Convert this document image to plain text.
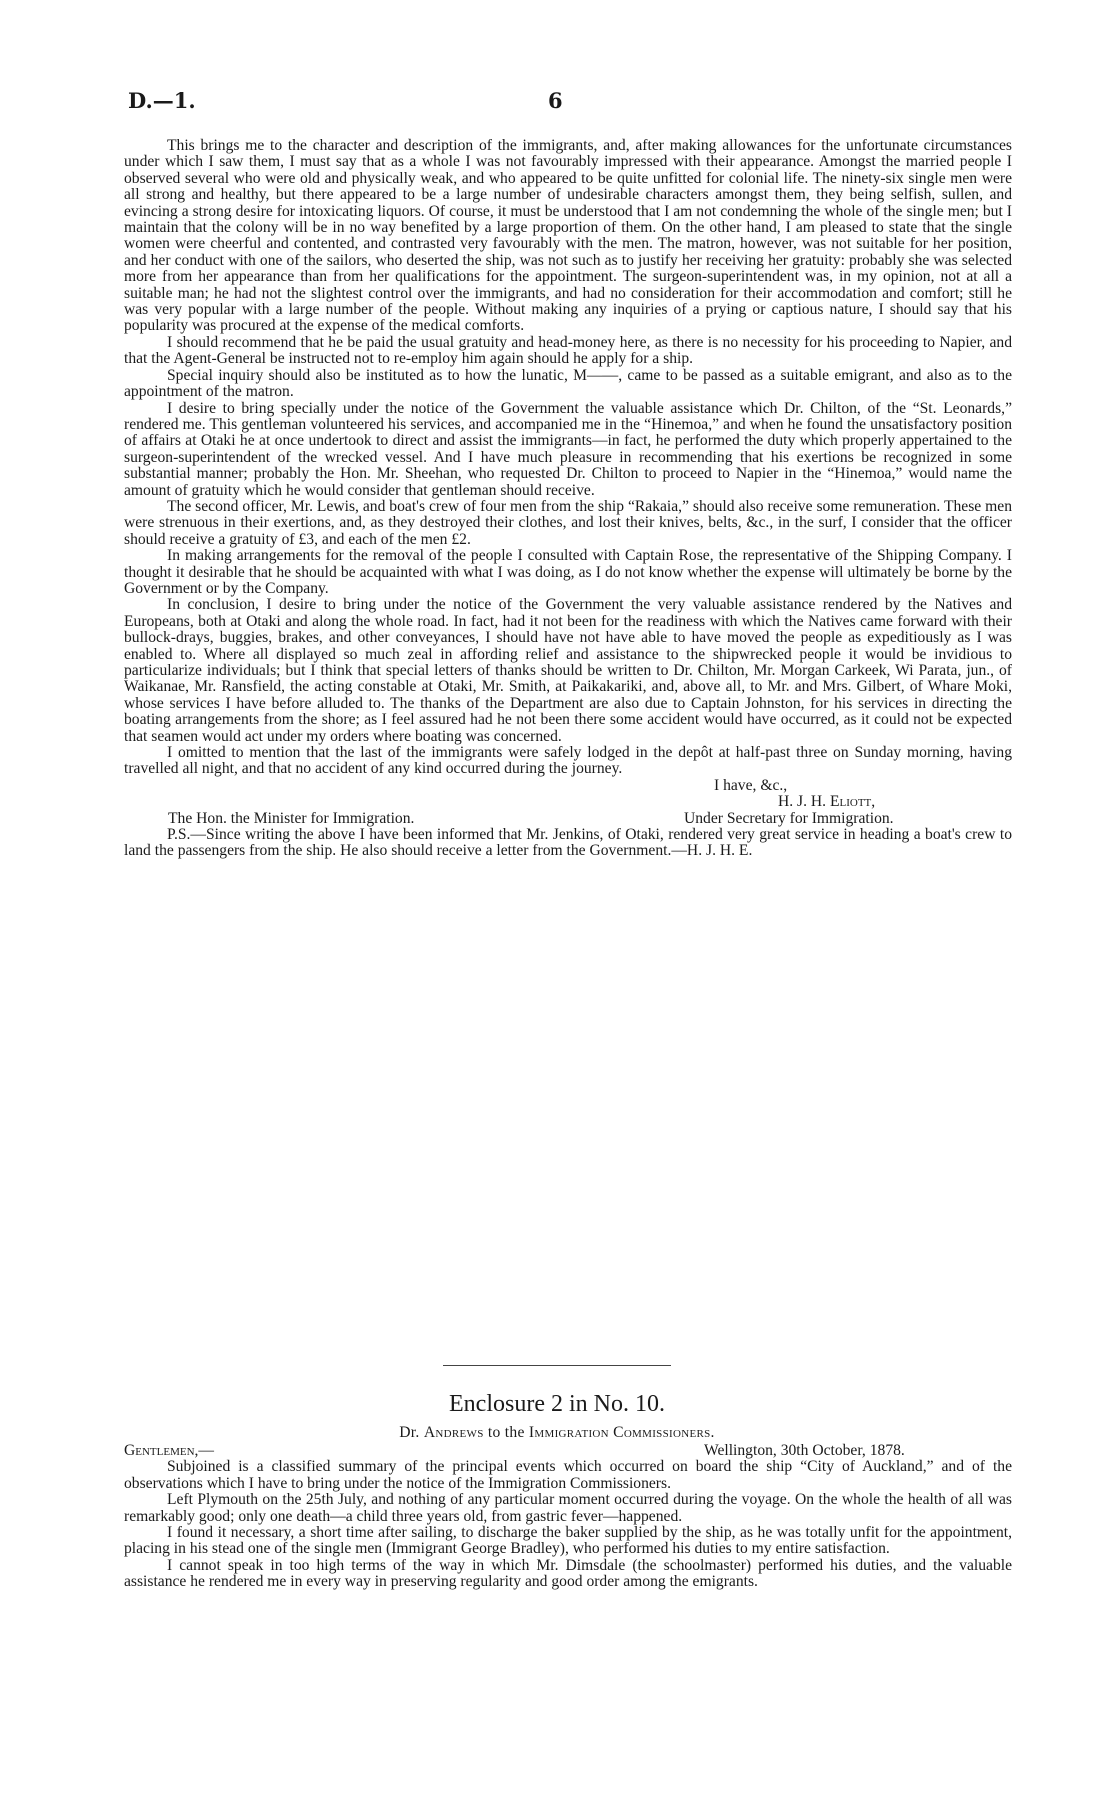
D.—1.	6

This brings me to the character and description of the immigrants, and, after making allowances for the unfortunate circumstances under which I saw them, I must say that as a whole I was not favourably impressed with their appearance. Amongst the married people I observed several who were old and physically weak, and who appeared to be quite unfitted for colonial life. The ninety-six single men were all strong and healthy, but there appeared to be a large number of undesirable characters amongst them, they being selfish, sullen, and evincing a strong desire for intoxicating liquors. Of course, it must be understood that I am not condemning the whole of the single men; but I maintain that the colony will be in no way benefited by a large proportion of them. On the other hand, I am pleased to state that the single women were cheerful and contented, and contrasted very favourably with the men. The matron, however, was not suitable for her position, and her conduct with one of the sailors, who deserted the ship, was not such as to justify her receiving her gratuity: probably she was selected more from her appearance than from her qualifications for the appointment. The surgeon-superintendent was, in my opinion, not at all a suitable man; he had not the slightest control over the immigrants, and had no consideration for their accommodation and comfort; still he was very popular with a large number of the people. Without making any inquiries of a prying or captious nature, I should say that his popularity was procured at the expense of the medical comforts.

I should recommend that he be paid the usual gratuity and head-money here, as there is no necessity for his proceeding to Napier, and that the Agent-General be instructed not to re-employ him again should he apply for a ship.

Special inquiry should also be instituted as to how the lunatic, M——, came to be passed as a suitable emigrant, and also as to the appointment of the matron.

I desire to bring specially under the notice of the Government the valuable assistance which Dr. Chilton, of the “St. Leonards,” rendered me. This gentleman volunteered his services, and accompanied me in the “Hinemoa,” and when he found the unsatisfactory position of affairs at Otaki he at once undertook to direct and assist the immigrants—in fact, he performed the duty which properly appertained to the surgeon-superintendent of the wrecked vessel. And I have much pleasure in recommending that his exertions be recognized in some substantial manner; probably the Hon. Mr. Sheehan, who requested Dr. Chilton to proceed to Napier in the “Hinemoa,” would name the amount of gratuity which he would consider that gentleman should receive.

The second officer, Mr. Lewis, and boat's crew of four men from the ship “Rakaia,” should also receive some remuneration. These men were strenuous in their exertions, and, as they destroyed their clothes, and lost their knives, belts, &c., in the surf, I consider that the officer should receive a gratuity of £3, and each of the men £2.

In making arrangements for the removal of the people I consulted with Captain Rose, the representative of the Shipping Company. I thought it desirable that he should be acquainted with what I was doing, as I do not know whether the expense will ultimately be borne by the Government or by the Company.

In conclusion, I desire to bring under the notice of the Government the very valuable assistance rendered by the Natives and Europeans, both at Otaki and along the whole road. In fact, had it not been for the readiness with which the Natives came forward with their bullock-drays, buggies, brakes, and other conveyances, I should have not have able to have moved the people as expeditiously as I was enabled to. Where all displayed so much zeal in affording relief and assistance to the shipwrecked people it would be invidious to particularize individuals; but I think that special letters of thanks should be written to Dr. Chilton, Mr. Morgan Carkeek, Wi Parata, jun., of Waikanae, Mr. Ransfield, the acting constable at Otaki, Mr. Smith, at Paikakariki, and, above all, to Mr. and Mrs. Gilbert, of Whare Moki, whose services I have before alluded to. The thanks of the Department are also due to Captain Johnston, for his services in directing the boating arrangements from the shore; as I feel assured had he not been there some accident would have occurred, as it could not be expected that seamen would act under my orders where boating was concerned.

I omitted to mention that the last of the immigrants were safely lodged in the depôt at half-past three on Sunday morning, having travelled all night, and that no accident of any kind occurred during the journey.

I have, &c.,
H. J. H. Eliott,
The Hon. the Minister for Immigration.	Under Secretary for Immigration.

P.S.—Since writing the above I have been informed that Mr. Jenkins, of Otaki, rendered very great service in heading a boat's crew to land the passengers from the ship. He also should receive a letter from the Government.—H. J. H. E.

Enclosure 2 in No. 10.
Dr. Andrews to the Immigration Commissioners.
Gentlemen,—	Wellington, 30th October, 1878.

Subjoined is a classified summary of the principal events which occurred on board the ship “City of Auckland,” and of the observations which I have to bring under the notice of the Immigration Commissioners.

Left Plymouth on the 25th July, and nothing of any particular moment occurred during the voyage. On the whole the health of all was remarkably good; only one death—a child three years old, from gastric fever—happened.

I found it necessary, a short time after sailing, to discharge the baker supplied by the ship, as he was totally unfit for the appointment, placing in his stead one of the single men (Immigrant George Bradley), who performed his duties to my entire satisfaction.

I cannot speak in too high terms of the way in which Mr. Dimsdale (the schoolmaster) performed his duties, and the valuable assistance he rendered me in every way in preserving regularity and good order among the emigrants.
